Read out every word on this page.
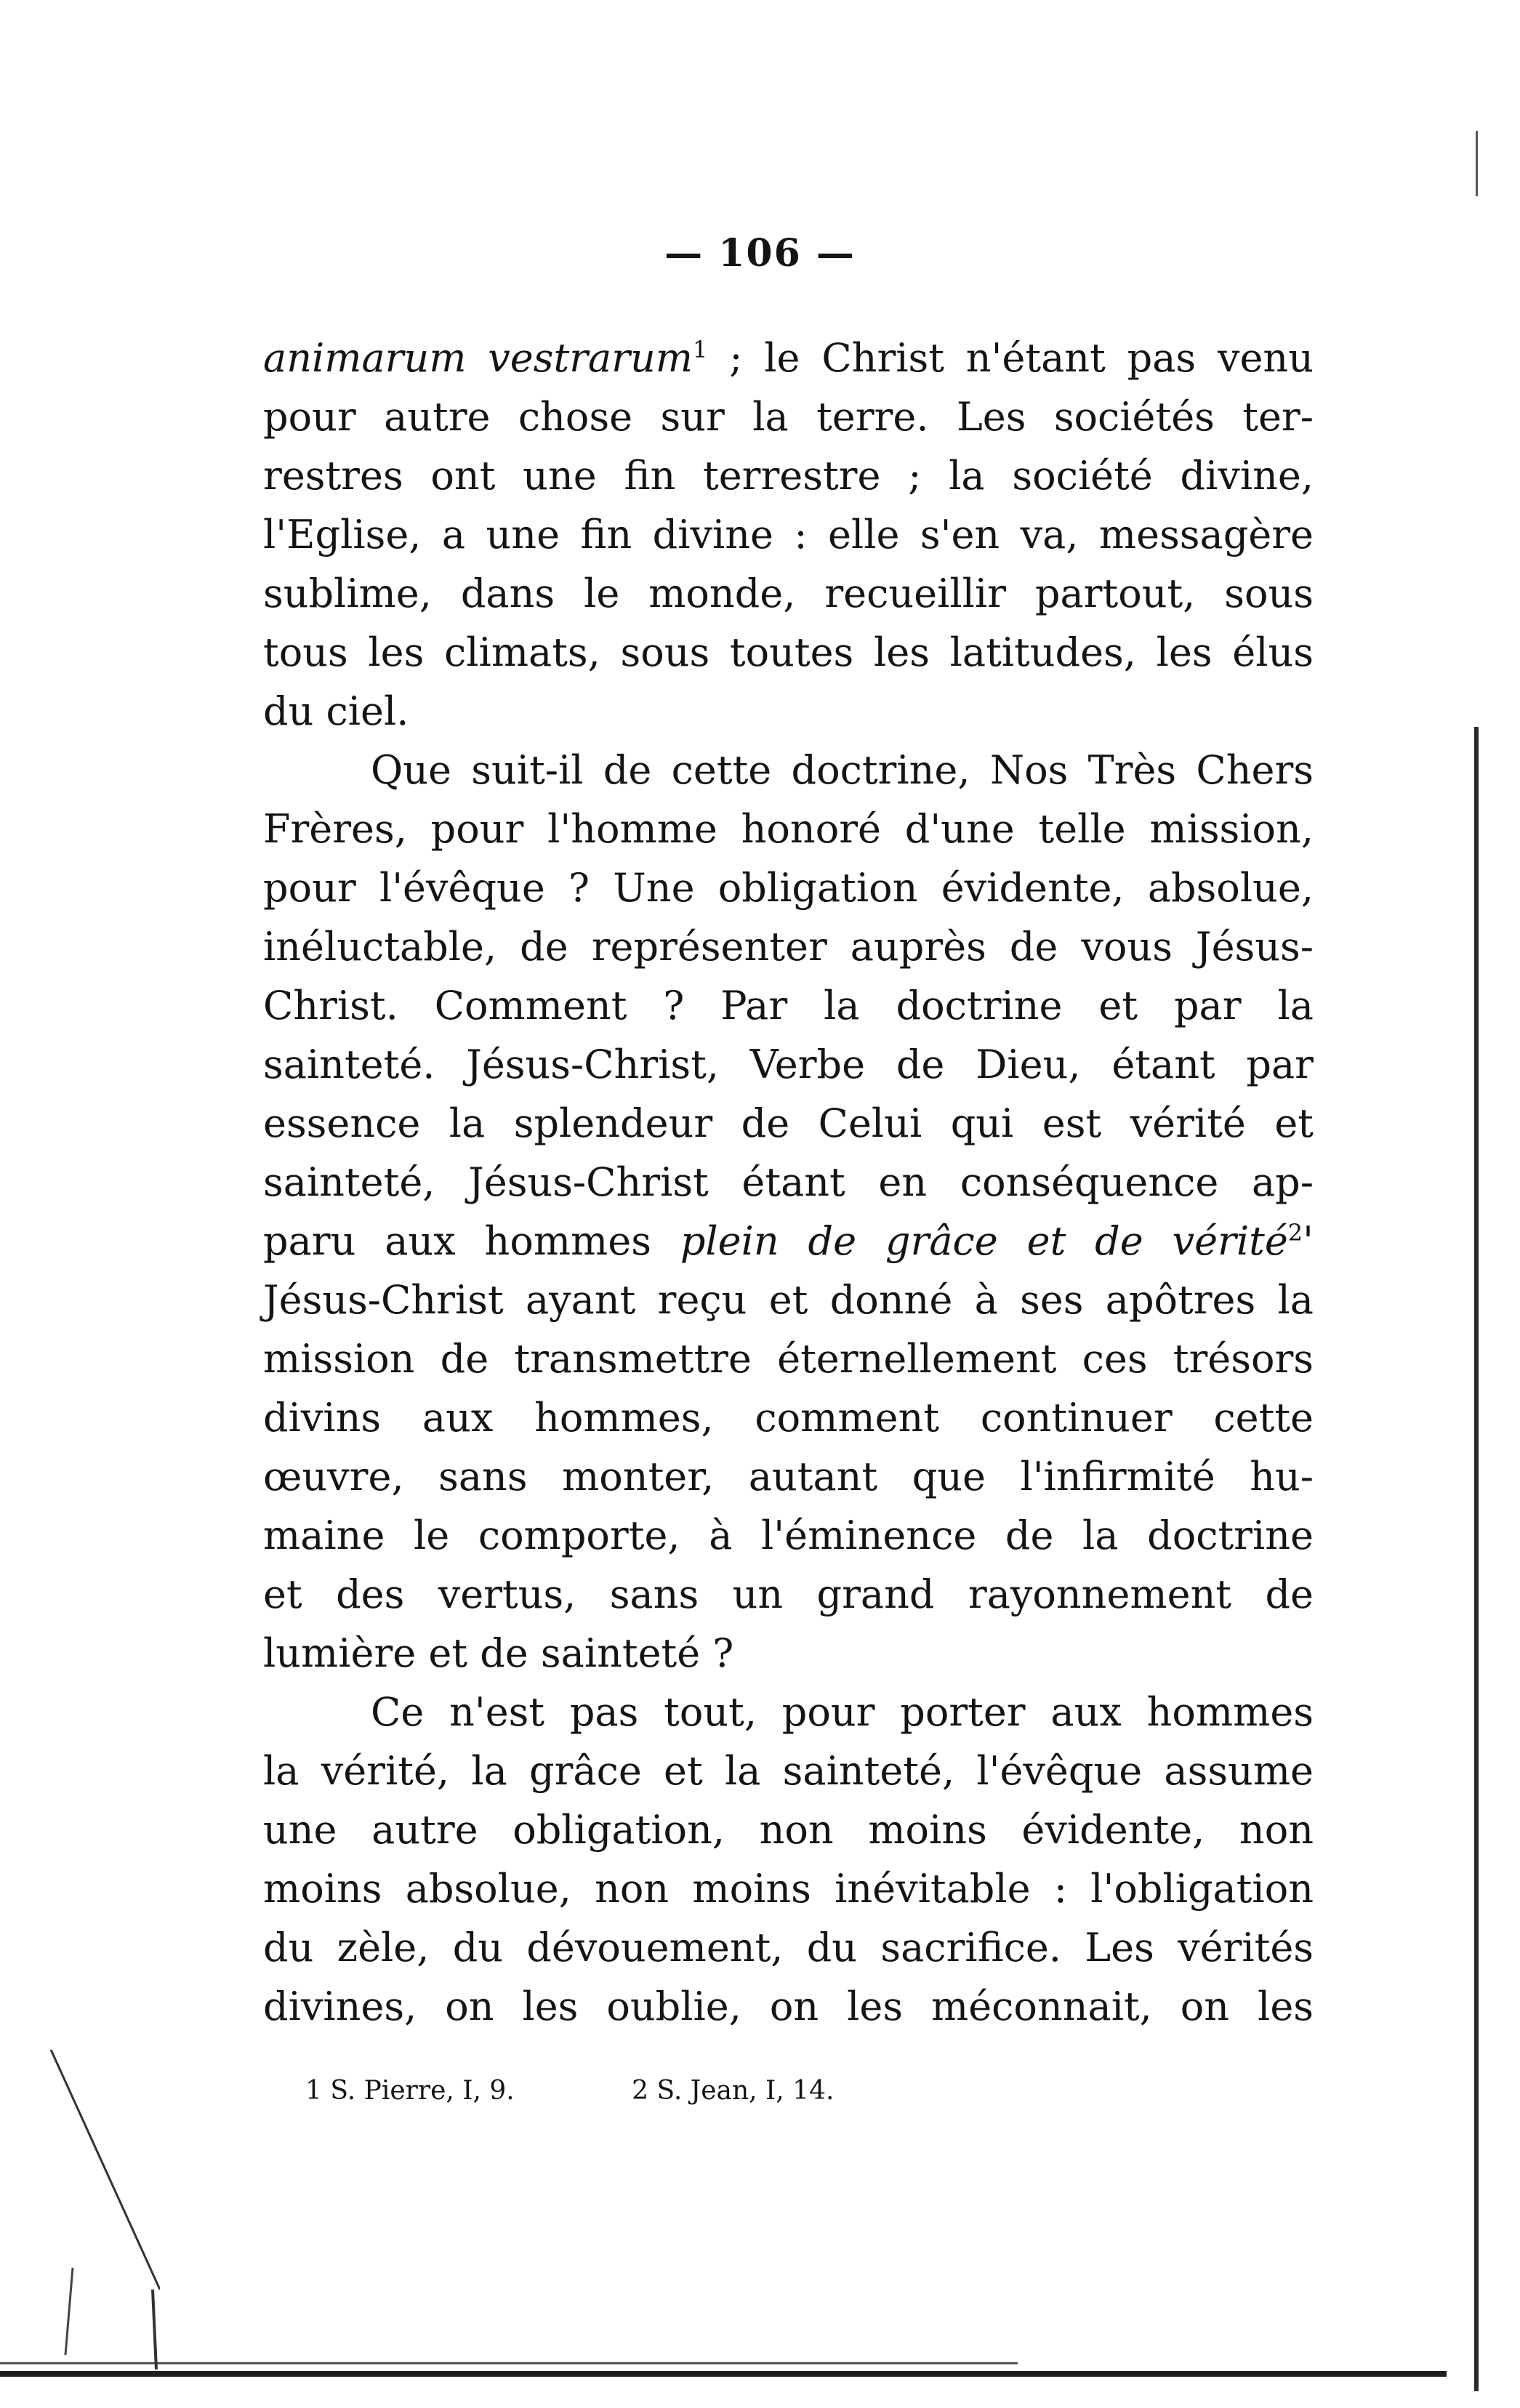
— 106 —
animarum vestrarum$^1$ ; le Christ n'étant pas venu
pour autre chose sur la terre. Les sociétés ter-
restres ont une fin terrestre ; la société divine,
l'Eglise, a une fin divine : elle s'en va, messagère
sublime, dans le monde, recueillir partout, sous
tous les climats, sous toutes les latitudes, les élus
du ciel.
Que suit-il de cette doctrine, Nos Très Chers
Frères, pour l'homme honoré d'une telle mission,
pour l'évêque ? Une obligation évidente, absolue,
inéluctable, de représenter auprès de vous Jésus-
Christ. Comment ? Par la doctrine et par la
sainteté. Jésus-Christ, Verbe de Dieu, étant par
essence la splendeur de Celui qui est vérité et
sainteté, Jésus-Christ étant en conséquence ap-
paru aux hommes plein de grâce et de vérité$^2$'
Jésus-Christ ayant reçu et donné à ses apôtres la
mission de transmettre éternellement ces trésors
divins aux hommes, comment continuer cette
œuvre, sans monter, autant que l'infirmité hu-
maine le comporte, à l'éminence de la doctrine
et des vertus, sans un grand rayonnement de
lumière et de sainteté ?
Ce n'est pas tout, pour porter aux hommes
la vérité, la grâce et la sainteté, l'évêque assume
une autre obligation, non moins évidente, non
moins absolue, non moins inévitable : l'obligation
du zèle, du dévouement, du sacrifice. Les vérités
divines, on les oublie, on les méconnait, on les
1 S. Pierre, I, 9.	2 S. Jean, I, 14.
